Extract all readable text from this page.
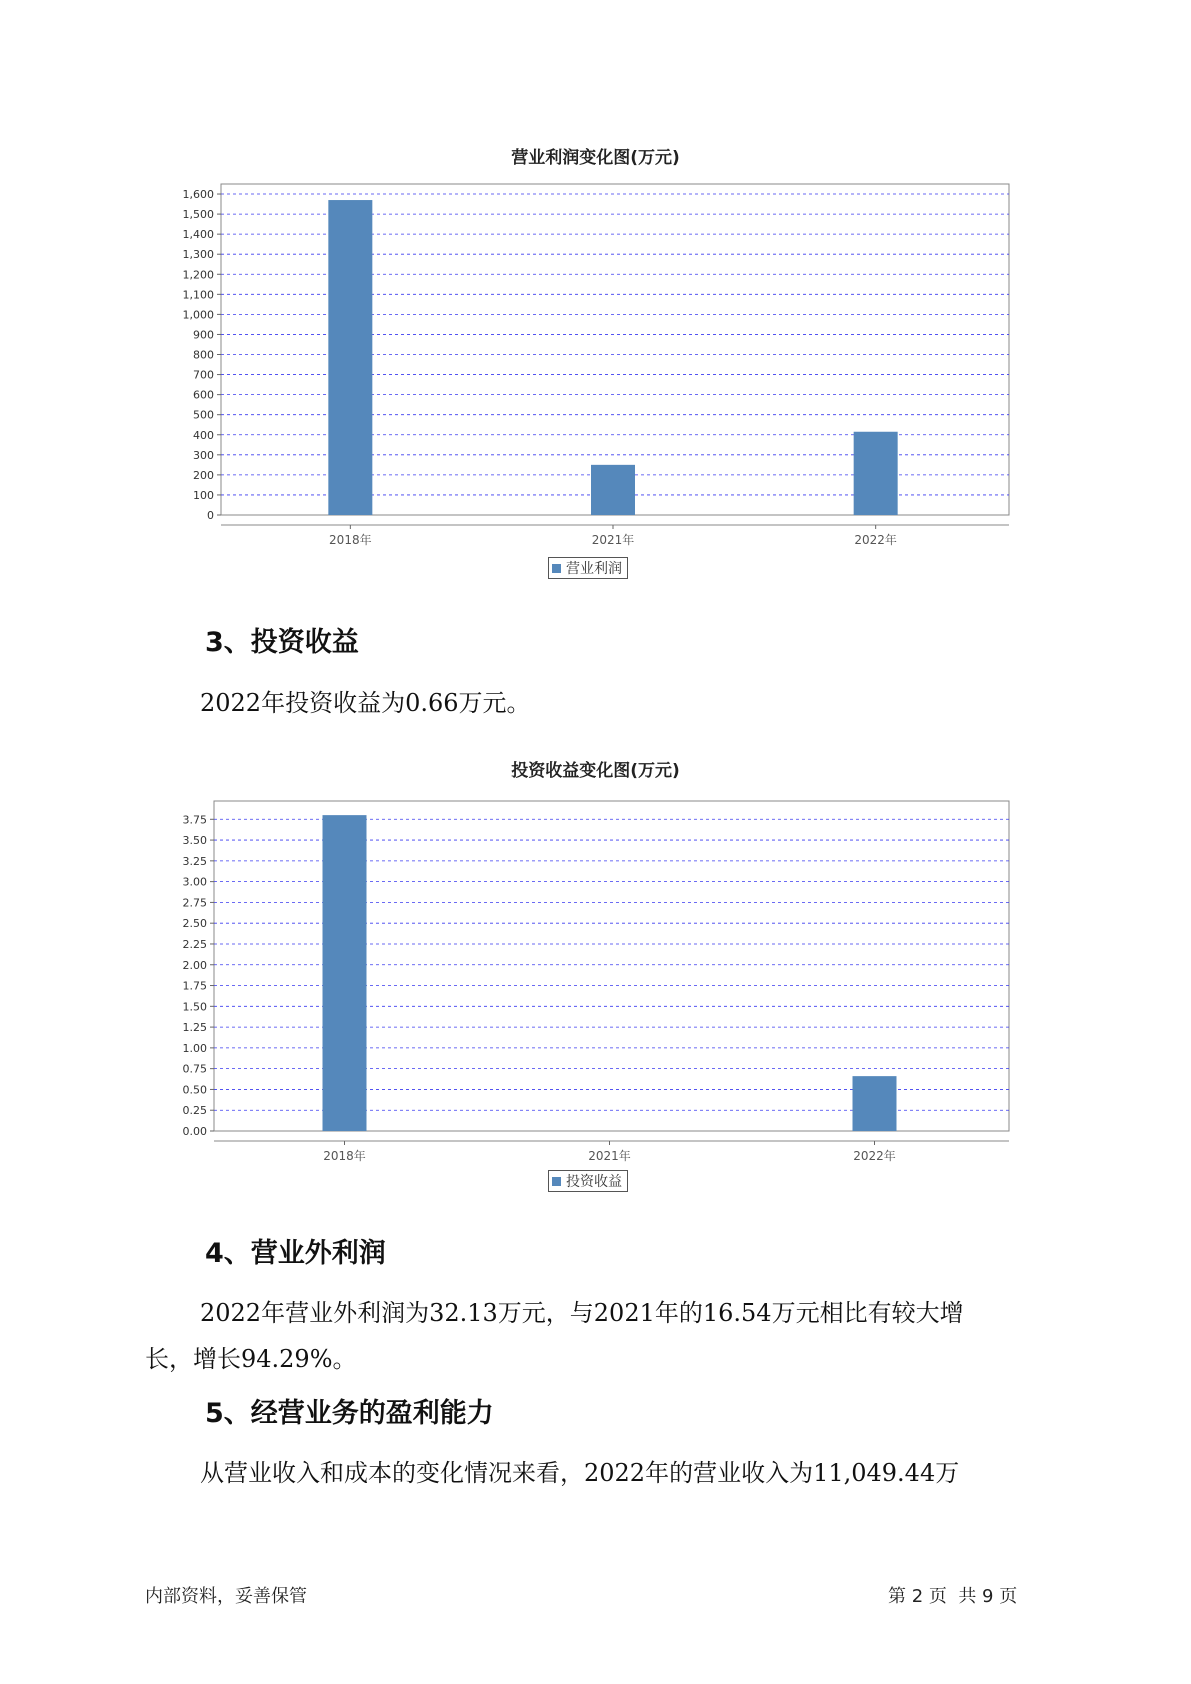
营业利润变化图(万元)
0
100
200
300
400
500
600
700
800
900
1,000
1,100
1,200
1,300
1,400
1,500
1,600
2018年	2021年	2022年
营业利润
3、投资收益
2022年投资收益为0.66万元。
投资收益变化图(万元)
0.00
0.25
0.50
0.75
1.00
1.25
1.50
1.75
2.00
2.25
2.50
2.75
3.00
3.25
3.50
3.75
2018年	2021年	2022年
投资收益
4、营业外利润
2022年营业外利润为32.13万元，与2021年的16.54万元相比有较大增
长，增长94.29%。
5、经营业务的盈利能力
从营业收入和成本的变化情况来看，2022年的营业收入为11,049.44万
内部资料，妥善保管	第 2 页  共 9 页
